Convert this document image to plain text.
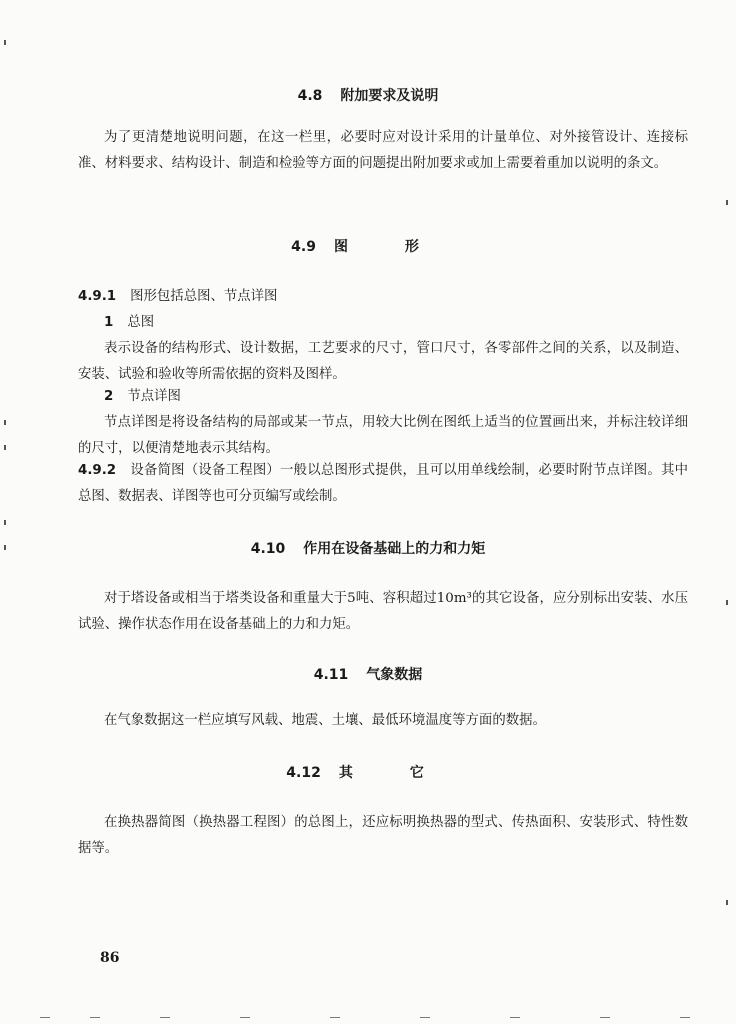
4.8 附加要求及说明
为了更清楚地说明问题，在这一栏里，必要时应对设计采用的计量单位、对外接管设计、连接标准、材料要求、结构设计、制造和检验等方面的问题提出附加要求或加上需要着重加以说明的条文。
4.9 图 形
4.9.1 图形包括总图、节点详图
1 总图
表示设备的结构形式、设计数据，工艺要求的尺寸，管口尺寸，各零部件之间的关系，以及制造、安装、试验和验收等所需依据的资料及图样。
2 节点详图
节点详图是将设备结构的局部或某一节点，用较大比例在图纸上适当的位置画出来，并标注较详细的尺寸，以便清楚地表示其结构。
4.9.2 设备简图（设备工程图）一般以总图形式提供，且可以用单线绘制，必要时附节点详图。其中总图、数据表、详图等也可分页编写或绘制。
4.10 作用在设备基础上的力和力矩
对于塔设备或相当于塔类设备和重量大于5吨、容积超过10m³的其它设备，应分别标出安装、水压试验、操作状态作用在设备基础上的力和力矩。
4.11 气象数据
在气象数据这一栏应填写风载、地震、土壤、最低环境温度等方面的数据。
4.12 其 它
在换热器简图（换热器工程图）的总图上，还应标明换热器的型式、传热面积、安装形式、特性数据等。
86
